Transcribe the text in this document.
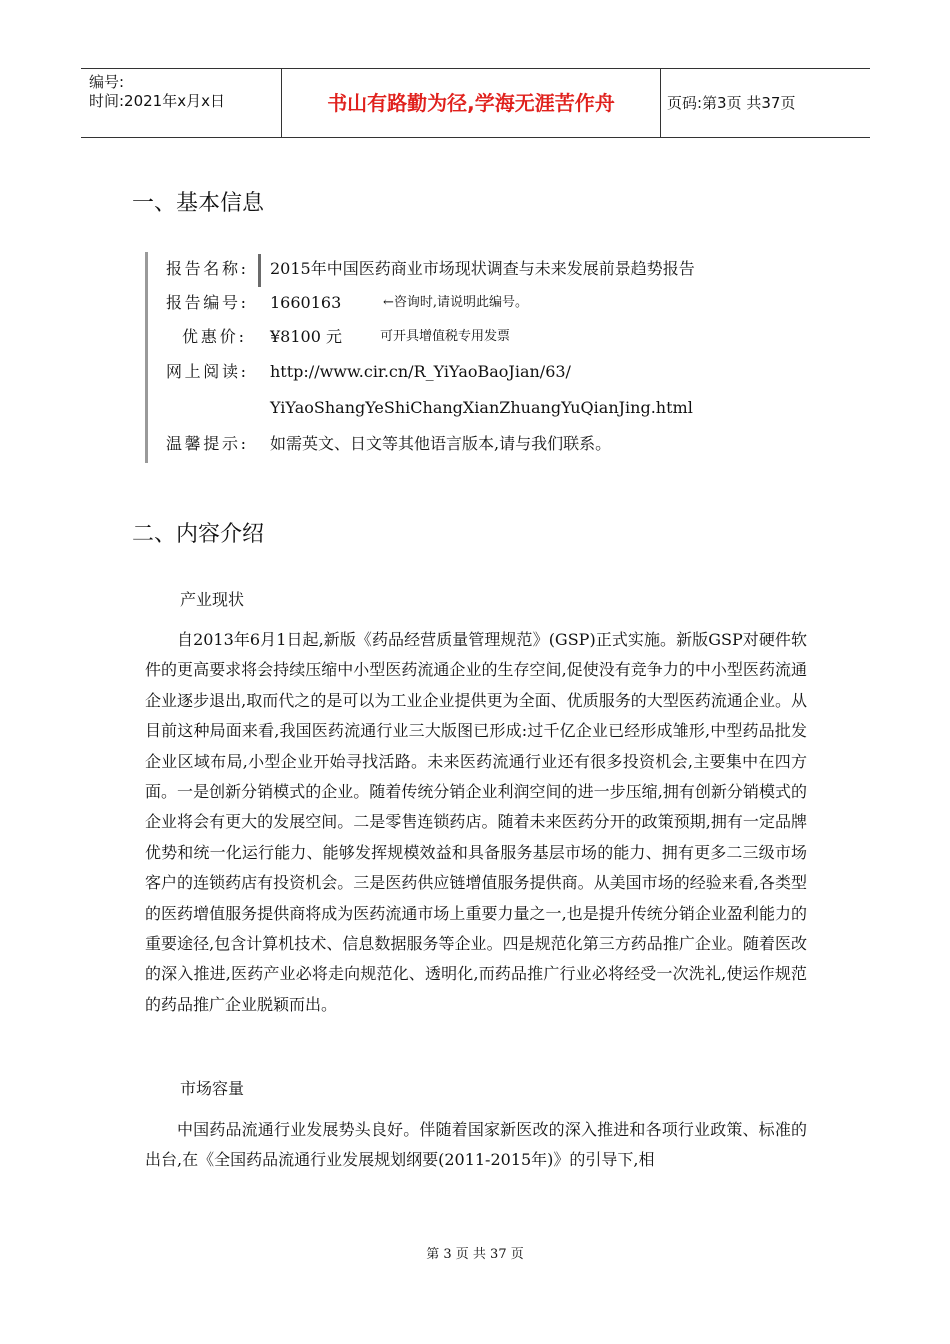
编号:
时间:2021年x月x日	书山有路勤为径,学海无涯苦作舟	页码:第3页 共37页
一、基本信息
报告名称: 2015年中国医药商业市场现状调查与未来发展前景趋势报告
报告编号: 1660163	←咨询时,请说明此编号。
优惠价: ¥8100 元	可开具增值税专用发票
网上阅读: http://www.cir.cn/R_YiYaoBaoJian/63/
YiYaoShangYeShiChangXianZhuangYuQianJing.html
温馨提示: 如需英文、日文等其他语言版本,请与我们联系。
二、内容介绍
产业现状
自2013年6月1日起,新版《药品经营质量管理规范》(GSP)正式实施。新版GSP对硬件软件的更高要求将会持续压缩中小型医药流通企业的生存空间,促使没有竞争力的中小型医药流通企业逐步退出,取而代之的是可以为工业企业提供更为全面、优质服务的大型医药流通企业。从目前这种局面来看,我国医药流通行业三大版图已形成:过千亿企业已经形成雏形,中型药品批发企业区域布局,小型企业开始寻找活路。未来医药流通行业还有很多投资机会,主要集中在四方面。一是创新分销模式的企业。随着传统分销企业利润空间的进一步压缩,拥有创新分销模式的企业将会有更大的发展空间。二是零售连锁药店。随着未来医药分开的政策预期,拥有一定品牌优势和统一化运行能力、能够发挥规模效益和具备服务基层市场的能力、拥有更多二三级市场客户的连锁药店有投资机会。三是医药供应链增值服务提供商。从美国市场的经验来看,各类型的医药增值服务提供商将成为医药流通市场上重要力量之一,也是提升传统分销企业盈利能力的重要途径,包含计算机技术、信息数据服务等企业。四是规范化第三方药品推广企业。随着医改的深入推进,医药产业必将走向规范化、透明化,而药品推广行业必将经受一次洗礼,使运作规范的药品推广企业脱颖而出。
市场容量
中国药品流通行业发展势头良好。伴随着国家新医改的深入推进和各项行业政策、标准的出台,在《全国药品流通行业发展规划纲要(2011-2015年)》的引导下,相
第 3 页 共 37 页
